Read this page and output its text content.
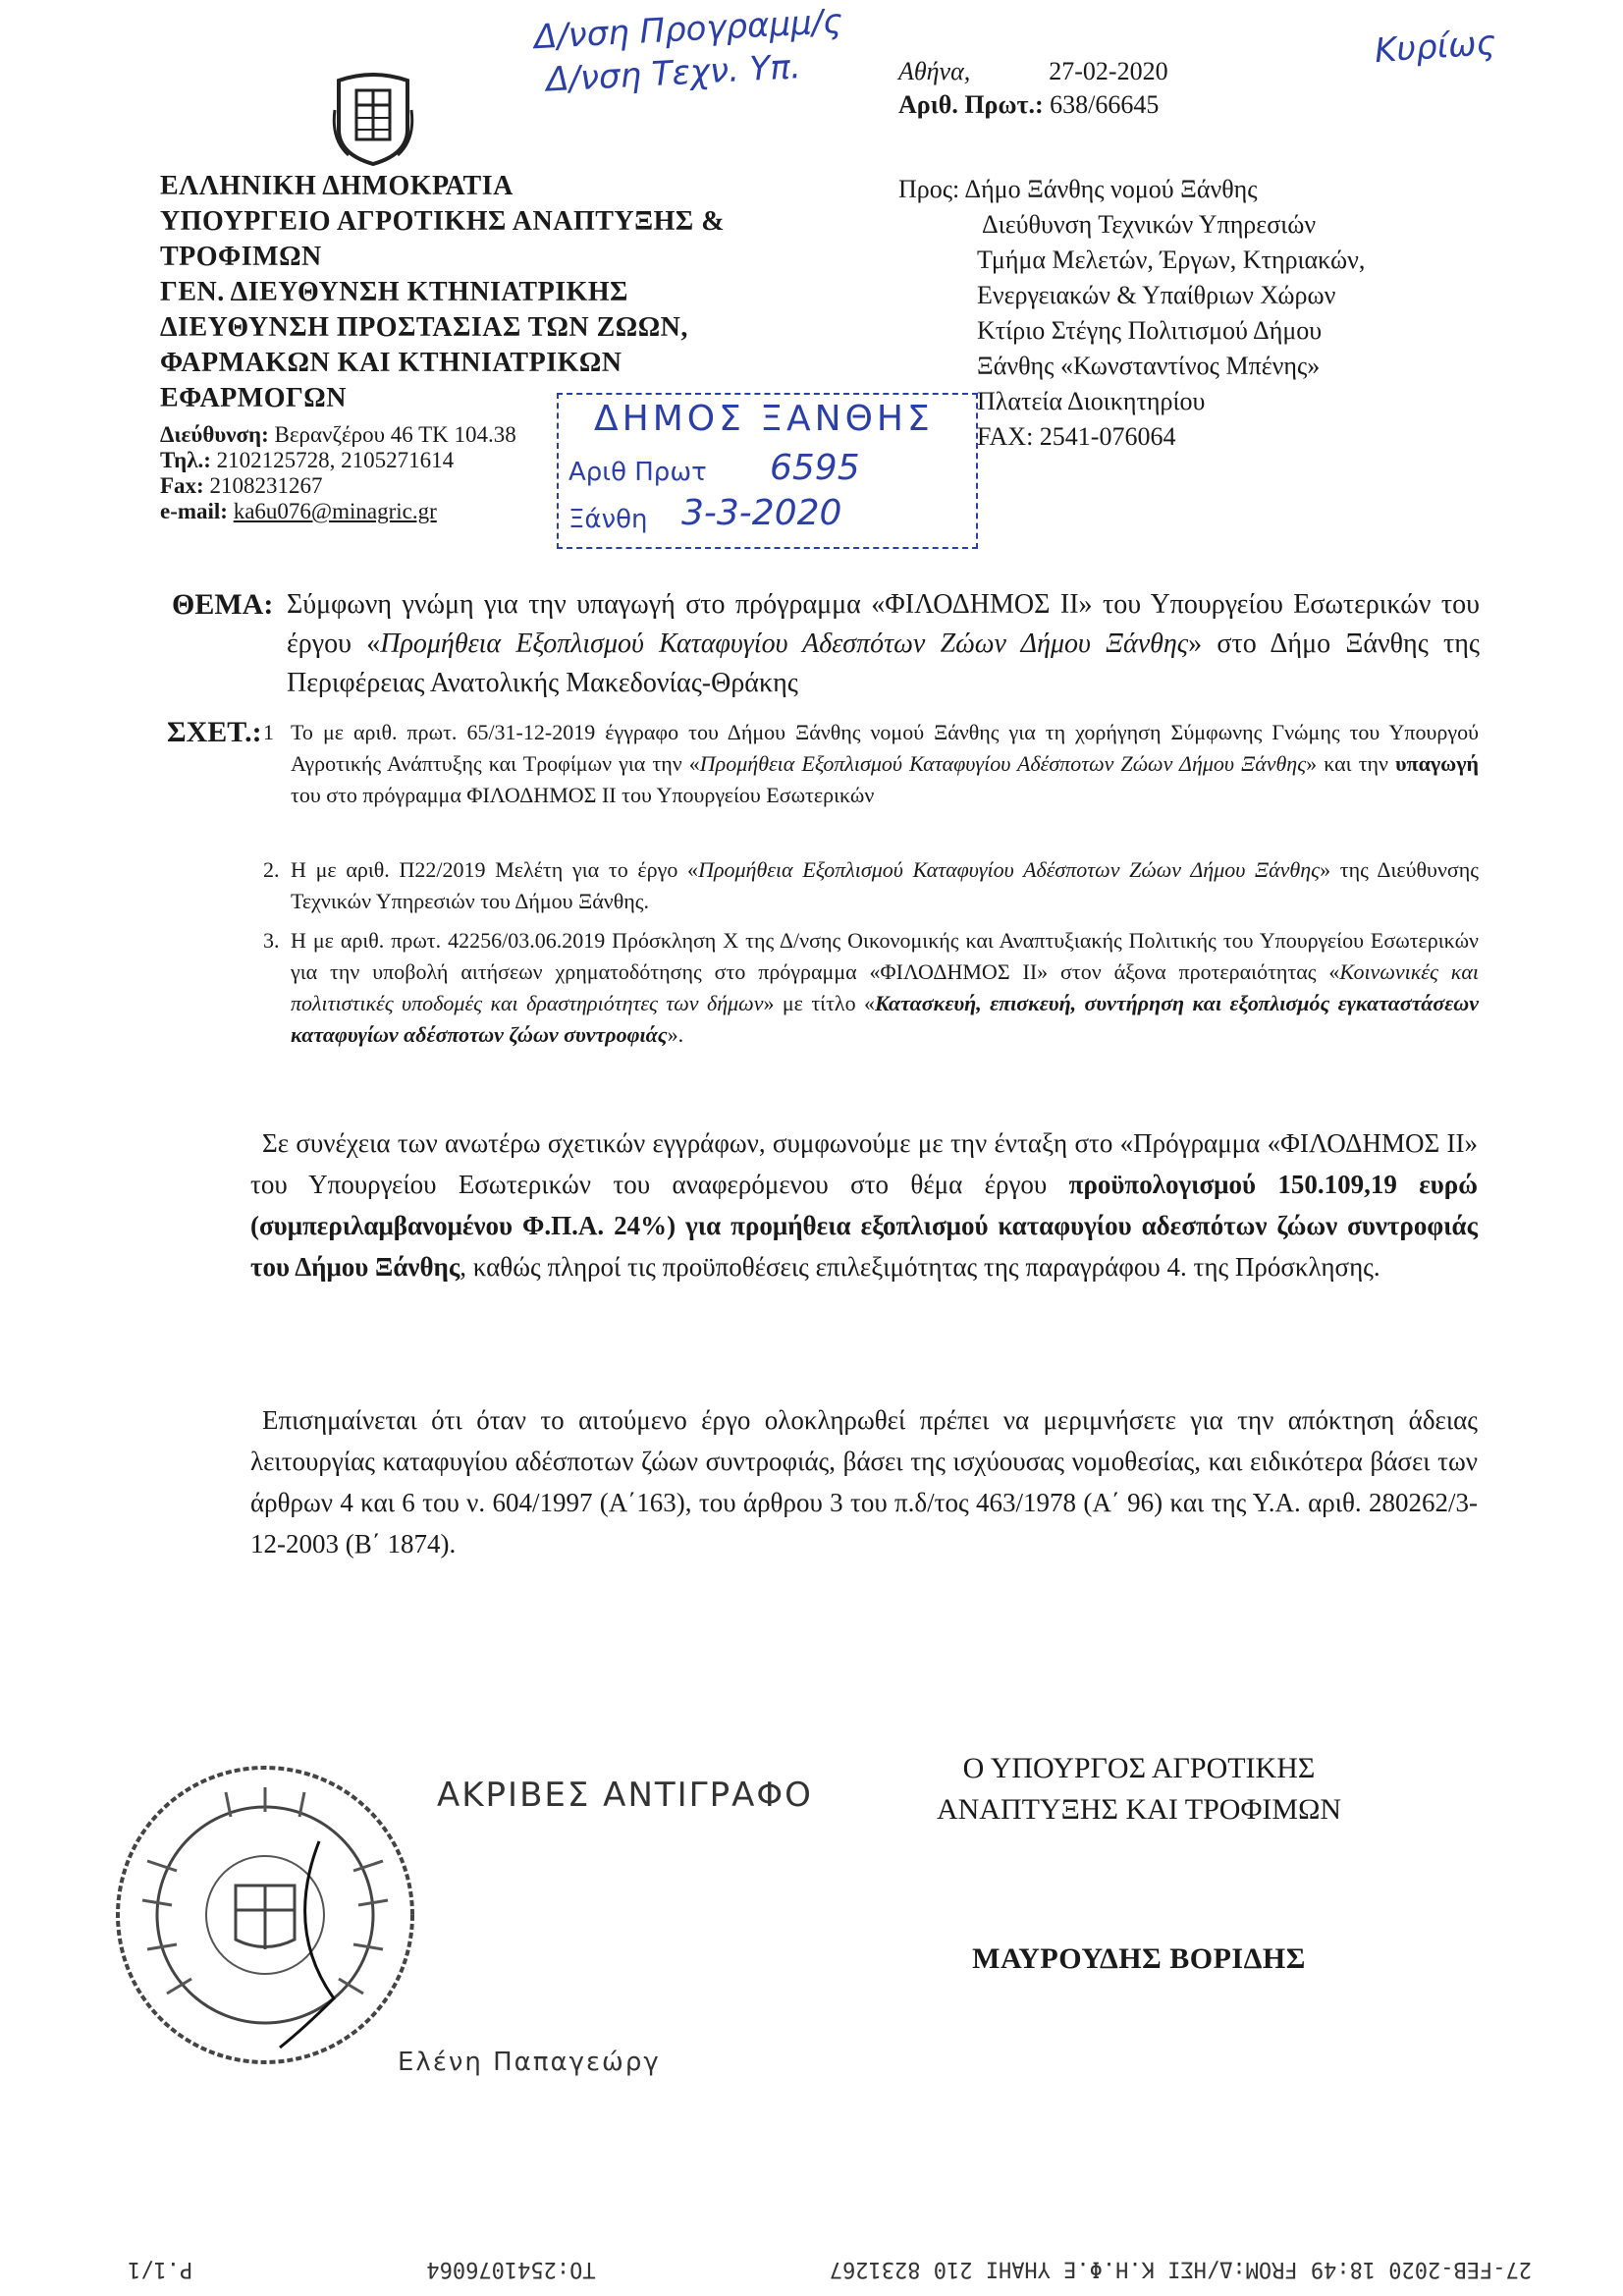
Δ/νση Προγραμμ/ς
Δ/νση Τεχν. Υπ.
Κυρίως
ΕΛΛΗΝΙΚΗ ΔΗΜΟΚΡΑΤΙΑ
ΥΠΟΥΡΓΕΙΟ ΑΓΡΟΤΙΚΗΣ ΑΝΑΠΤΥΞΗΣ &
ΤΡΟΦΙΜΩΝ
ΓΕΝ. ΔΙΕΥΘΥΝΣΗ ΚΤΗΝΙΑΤΡΙΚΗΣ
ΔΙΕΥΘΥΝΣΗ ΠΡΟΣΤΑΣΙΑΣ ΤΩΝ ΖΩΩΝ,
ΦΑΡΜΑΚΩΝ ΚΑΙ ΚΤΗΝΙΑΤΡΙΚΩΝ
ΕΦΑΡΜΟΓΩΝ
Διεύθυνση: Βερανζέρου 46 ΤΚ 104.38
Τηλ.: 2102125728, 2105271614
Fax: 2108231267
e-mail: ka6u076@minagric.gr
Αθήνα,	27-02-2020
Αριθ. Πρωτ.: 638/66645
Προς: Δήμο Ξάνθης νομού Ξάνθης
Διεύθυνση Τεχνικών Υπηρεσιών
Τμήμα Μελετών, Έργων, Κτηριακών,
Ενεργειακών & Υπαίθριων Χώρων
Κτίριο Στέγης Πολιτισμού Δήμου
Ξάνθης «Κωνσταντίνος Μπένης»
Πλατεία Διοικητηρίου
FAX: 2541-076064
ΔΗΜΟΣ ΞΑΝΘΗΣ
Αριθ Πρωτ 6595
Ξάνθη 3-3-2020
ΘΕΜΑ: Σύμφωνη γνώμη για την υπαγωγή στο πρόγραμμα «ΦΙΛΟΔΗΜΟΣ ΙΙ» του Υπουργείου Εσωτερικών του έργου «Προμήθεια Εξοπλισμού Καταφυγίου Αδεσπότων Ζώων Δήμου Ξάνθης» στο Δήμο Ξάνθης της Περιφέρειας Ανατολικής Μακεδονίας-Θράκης
ΣΧΕΤ.: 1 Το με αριθ. πρωτ. 65/31-12-2019 έγγραφο του Δήμου Ξάνθης νομού Ξάνθης για τη χορήγηση Σύμφωνης Γνώμης του Υπουργού Αγροτικής Ανάπτυξης και Τροφίμων για την «Προμήθεια Εξοπλισμού Καταφυγίου Αδέσποτων Ζώων Δήμου Ξάνθης» και την υπαγωγή του στο πρόγραμμα ΦΙΛΟΔΗΜΟΣ ΙΙ του Υπουργείου Εσωτερικών
2. Η με αριθ. Π22/2019 Μελέτη για το έργο «Προμήθεια Εξοπλισμού Καταφυγίου Αδέσποτων Ζώων Δήμου Ξάνθης» της Διεύθυνσης Τεχνικών Υπηρεσιών του Δήμου Ξάνθης.
3. Η με αριθ. πρωτ. 42256/03.06.2019 Πρόσκληση Χ της Δ/νσης Οικονομικής και Αναπτυξιακής Πολιτικής του Υπουργείου Εσωτερικών για την υποβολή αιτήσεων χρηματοδότησης στο πρόγραμμα «ΦΙΛΟΔΗΜΟΣ ΙΙ» στον άξονα προτεραιότητας «Κοινωνικές και πολιτιστικές υποδομές και δραστηριότητες των δήμων» με τίτλο «Κατασκευή, επισκευή, συντήρηση και εξοπλισμός εγκαταστάσεων καταφυγίων αδέσποτων ζώων συντροφιάς».
Σε συνέχεια των ανωτέρω σχετικών εγγράφων, συμφωνούμε με την ένταξη στο «Πρόγραμμα «ΦΙΛΟΔΗΜΟΣ ΙΙ» του Υπουργείου Εσωτερικών του αναφερόμενου στο θέμα έργου προϋπολογισμού 150.109,19 ευρώ (συμπεριλαμβανομένου Φ.Π.Α. 24%) για προμήθεια εξοπλισμού καταφυγίου αδεσπότων ζώων συντροφιάς του Δήμου Ξάνθης, καθώς πληροί τις προϋποθέσεις επιλεξιμότητας της παραγράφου 4. της Πρόσκλησης.
Επισημαίνεται ότι όταν το αιτούμενο έργο ολοκληρωθεί πρέπει να μεριμνήσετε για την απόκτηση άδειας λειτουργίας καταφυγίου αδέσποτων ζώων συντροφιάς, βάσει της ισχύουσας νομοθεσίας, και ειδικότερα βάσει των άρθρων 4 και 6 του ν. 604/1997 (Α΄163), του άρθρου 3 του π.δ/τος 463/1978 (Α΄ 96) και της Υ.Α. αριθ. 280262/3-12-2003 (Β΄ 1874).
Ο ΥΠΟΥΡΓΟΣ ΑΓΡΟΤΙΚΗΣ
ΑΝΑΠΤΥΞΗΣ ΚΑΙ ΤΡΟΦΙΜΩΝ
ΜΑΥΡΟΥΔΗΣ ΒΟΡΙΔΗΣ
ΑΚΡΙΒΕΣ ΑΝΤΙΓΡΑΦΟ
Ελένη Παπαγεώργ
27-FEB-2020 18:49 FROM:Δ/ΗΣΙ Κ.Η.Φ.Ε ΥΗΑΗΙ 210 8231267
TO:2541076064
P.1/1
